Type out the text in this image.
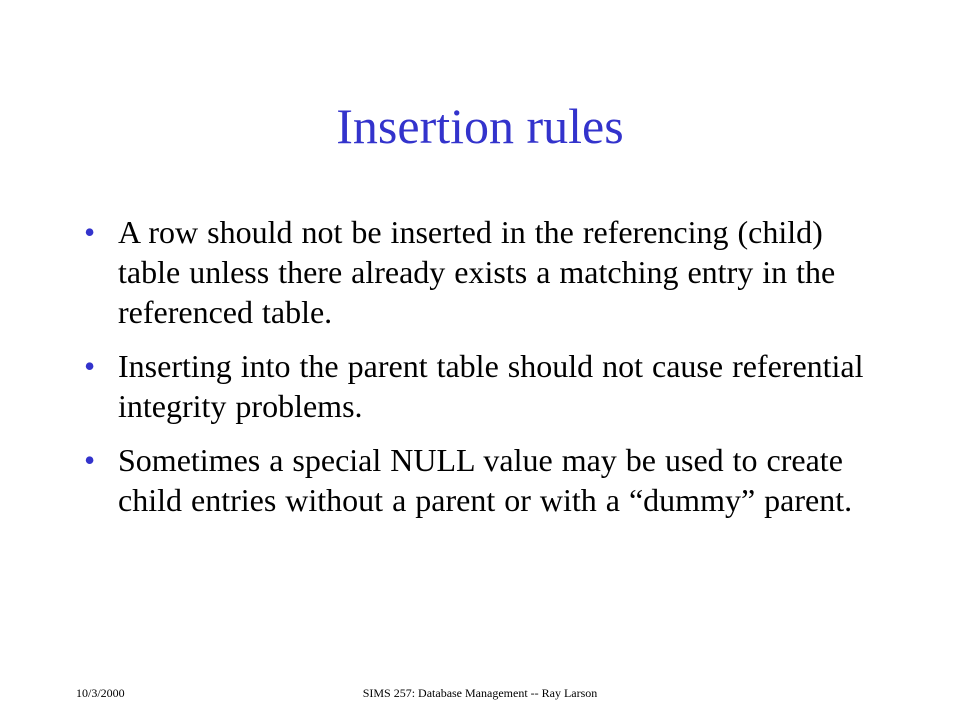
Insertion rules
• A row should not be inserted in the referencing (child) table unless there already exists a matching entry in the referenced table.
• Inserting into the parent table should not cause referential integrity problems.
• Sometimes a special NULL value may be used to create child entries without a parent or with a “dummy” parent.
10/3/2000	SIMS 257: Database Management -- Ray Larson
